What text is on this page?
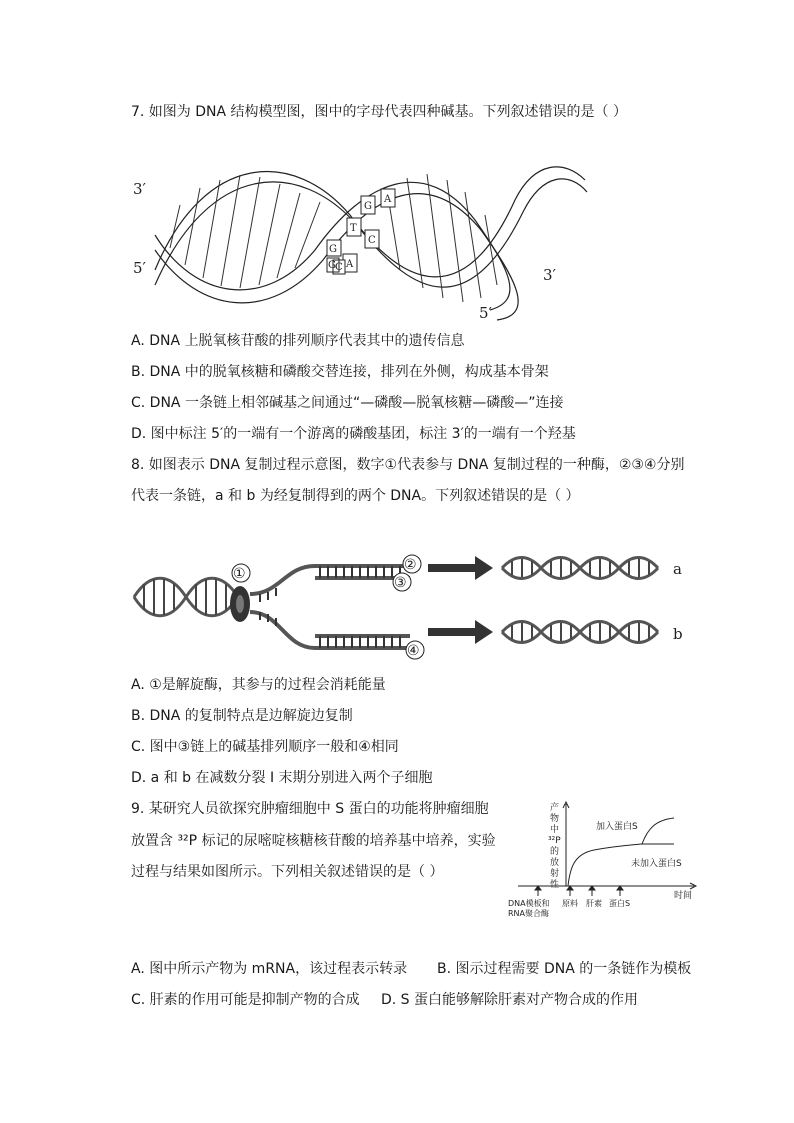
7. 如图为 DNA 结构模型图，图中的字母代表四种碱基。下列叙述错误的是（ ）
3′
5′	3′
5′
A
G
T
C
A
G
C
G
A. DNA 上脱氧核苷酸的排列顺序代表其中的遗传信息
B. DNA 中的脱氧核糖和磷酸交替连接，排列在外侧，构成基本骨架
C. DNA 一条链上相邻碱基之间通过“—磷酸—脱氧核糖—磷酸—”连接
D. 图中标注 5′的一端有一个游离的磷酸基团，标注 3′的一端有一个羟基
8. 如图表示 DNA 复制过程示意图，数字①代表参与 DNA 复制过程的一种酶，②③④分别
代表一条链，a 和 b 为经复制得到的两个 DNA。下列叙述错误的是（ ）
①
②
③
④
a
b
A. ①是解旋酶，其参与的过程会消耗能量
B. DNA 的复制特点是边解旋边复制
C. 图中③链上的碱基排列顺序一般和④相同
D. a 和 b 在减数分裂 I 末期分别进入两个子细胞
9. 某研究人员欲探究肿瘤细胞中 S 蛋白的功能将肿瘤细胞
放置含 ³²P 标记的尿嘧啶核糖核苷酸的培养基中培养，实验
过程与结果如图所示。下列相关叙述错误的是（ ）
产物中 ³²P 的放射性
加入蛋白S
未加入蛋白S
时间
DNA模板和 RNA聚合酶
原料 肝素 蛋白S
A. 图中所示产物为 mRNA，该过程表示转录 B. 图示过程需要 DNA 的一条链作为模板
C. 肝素的作用可能是抑制产物的合成 D. S 蛋白能够解除肝素对产物合成的作用
